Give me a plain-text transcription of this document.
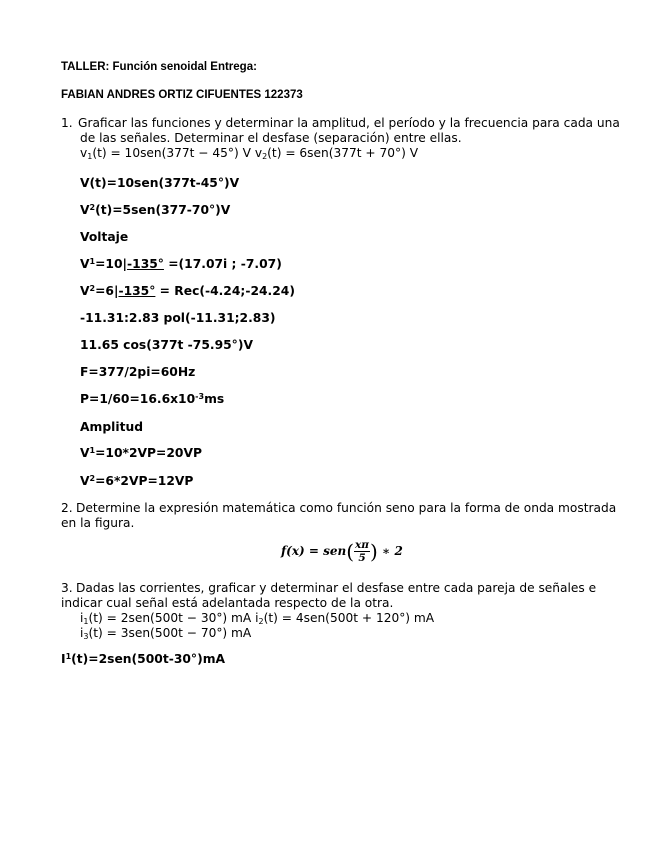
TALLER: Función senoidal Entrega:
FABIAN ANDRES ORTIZ CIFUENTES 122373
1. Graficar las funciones y determinar la amplitud, el período y la frecuencia para cada una
de las señales. Determinar el desfase (separación) entre ellas.
$v_1(t) = 10sen(377t - 45^\circ)$ V $v_2(t) = 6sen(377t + 70^\circ)$ V
V(t)=10sen(377t-45°)V
$V^2(t)=5sen(377-70^\circ)V$
Voltaje
$V^1=10|-135^\circ =(17.07i$ ; -7.07)
$V^2=6|-135^\circ$ = Rec(-4.24;-24.24)
-11.31:2.83 pol(-11.31;2.83)
11.65 cos(377t -75.95°)V
F=377/2pi=60Hz
$P=1/60=16.6x10^{-3}ms$
Amplitud
$V^1=10*2VP=20VP$
$V^2=6*2VP=12VP$
2. Determine la expresión matemática como función seno para la forma de onda mostrada
en la figura.
$f(x) = sen( \frac{x\pi}{5}$ ) ∗ 2
3. Dadas las corrientes, graficar y determinar el desfase entre cada pareja de señales e
indicar cual señal está adelantada respecto de la otra.
$i_1(t) = 2sen(500t - 30^\circ)$ mA $i_2(t) = 4sen(500t + 120^\circ)$ mA
$i_3(t) = 3sen(500t - 70^\circ)$ mA
$I^1(t)=2sen(500t-30^\circ)mA$
